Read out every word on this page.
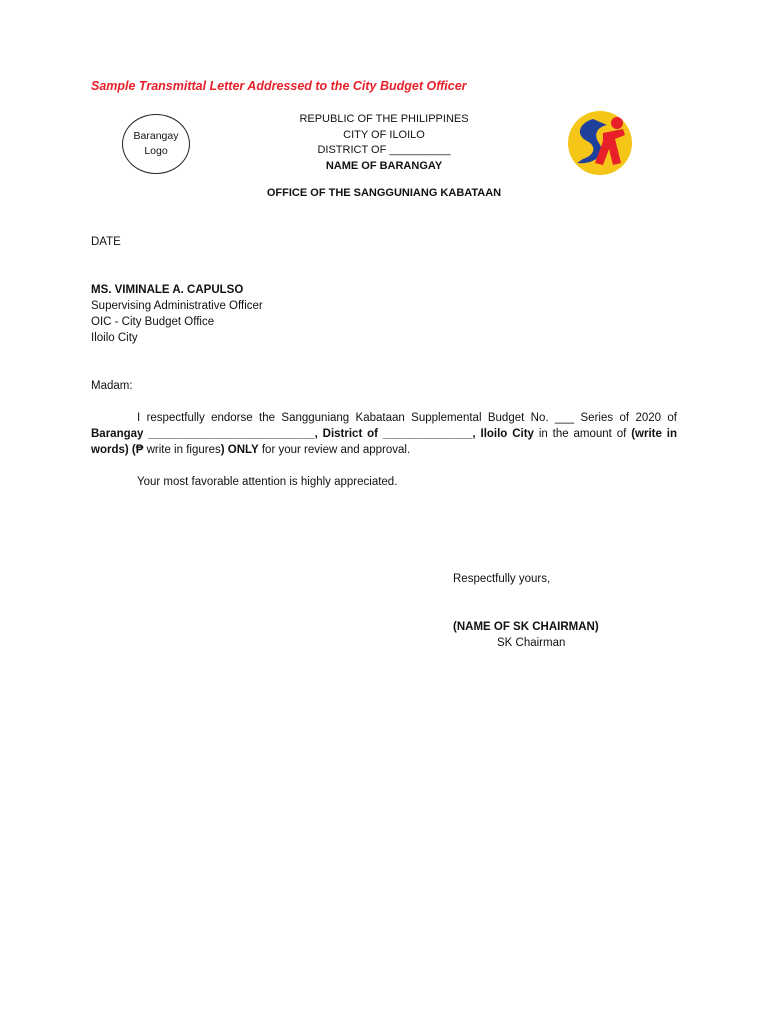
Sample Transmittal Letter Addressed to the City Budget Officer
Barangay
Logo
REPUBLIC OF THE PHILIPPINES
CITY OF ILOILO
DISTRICT OF __________
NAME OF BARANGAY
OFFICE OF THE SANGGUNIANG KABATAAN
DATE
MS. VIMINALE A. CAPULSO
Supervising Administrative Officer
OIC - City Budget Office
Iloilo City
Madam:
I respectfully endorse the Sangguniang Kabataan Supplemental Budget No. ___ Series of 2020 of Barangay __________________________, District of ______________, Iloilo City in the amount of (write in words) (₱ write in figures) ONLY for your review and approval.
Your most favorable attention is highly appreciated.
Respectfully yours,
(NAME OF SK CHAIRMAN)
SK Chairman
